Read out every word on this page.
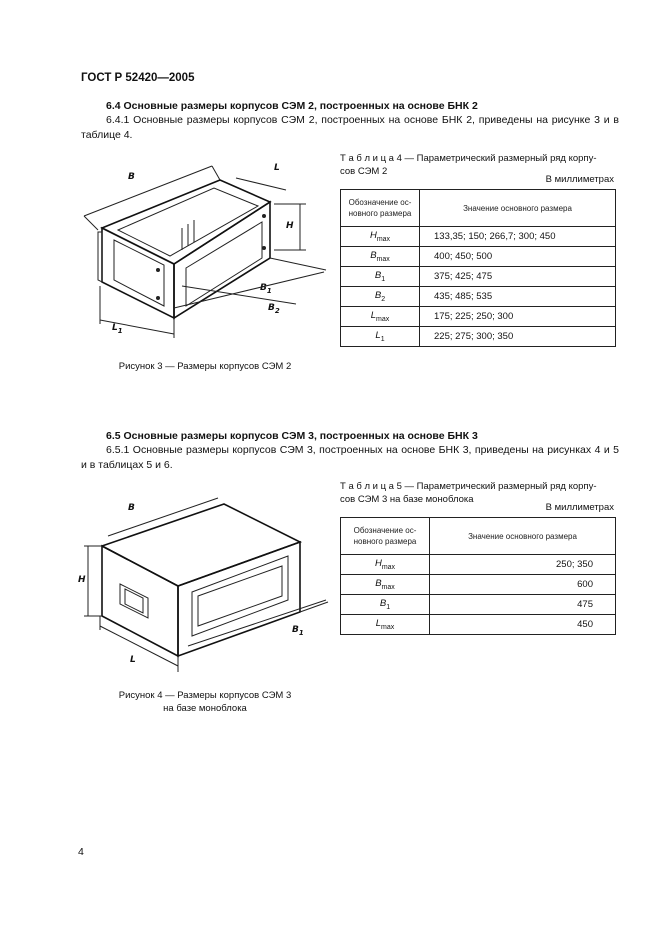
ГОСТ Р 52420—2005
6.4 Основные размеры корпусов СЭМ 2, построенных на основе БНК 2
6.4.1 Основные размеры корпусов СЭМ 2, построенных на основе БНК 2, приведены на рисунке 3 и в таблице 4.
B
L
H
$B_1$
$B_2$
$L_1$
Рисунок 3 — Размеры корпусов СЭМ 2
Т а б л и ц а 4 — Параметрический размерный ряд корпу-
сов СЭМ 2
В миллиметрах
Обозначение ос-
новного размера	Значение основного размера
$H_{max}$	133,35; 150; 266,7; 300; 450
$B_{max}$	400; 450; 500
$B_1$	375; 425; 475
$B_2$	435; 485; 535
$L_{max}$	175; 225; 250; 300
$L_1$	225; 275; 300; 350
6.5 Основные размеры корпусов СЭМ 3, построенных на основе БНК 3
6.5.1 Основные размеры корпусов СЭМ 3, построенных на основе БНК 3, приведены на рисунках 4 и 5 и в таблицах 5 и 6.
B
H
L
$B_1$
Рисунок 4 — Размеры корпусов СЭМ 3
на базе моноблока
Т а б л и ц а 5 — Параметрический размерный ряд корпу-
сов СЭМ 3 на базе моноблока
В миллиметрах
Обозначение ос-
новного размера	Значение основного размера
$H_{max}$	250; 350
$B_{max}$	600
$B_1$	475
$L_{max}$	450
4
